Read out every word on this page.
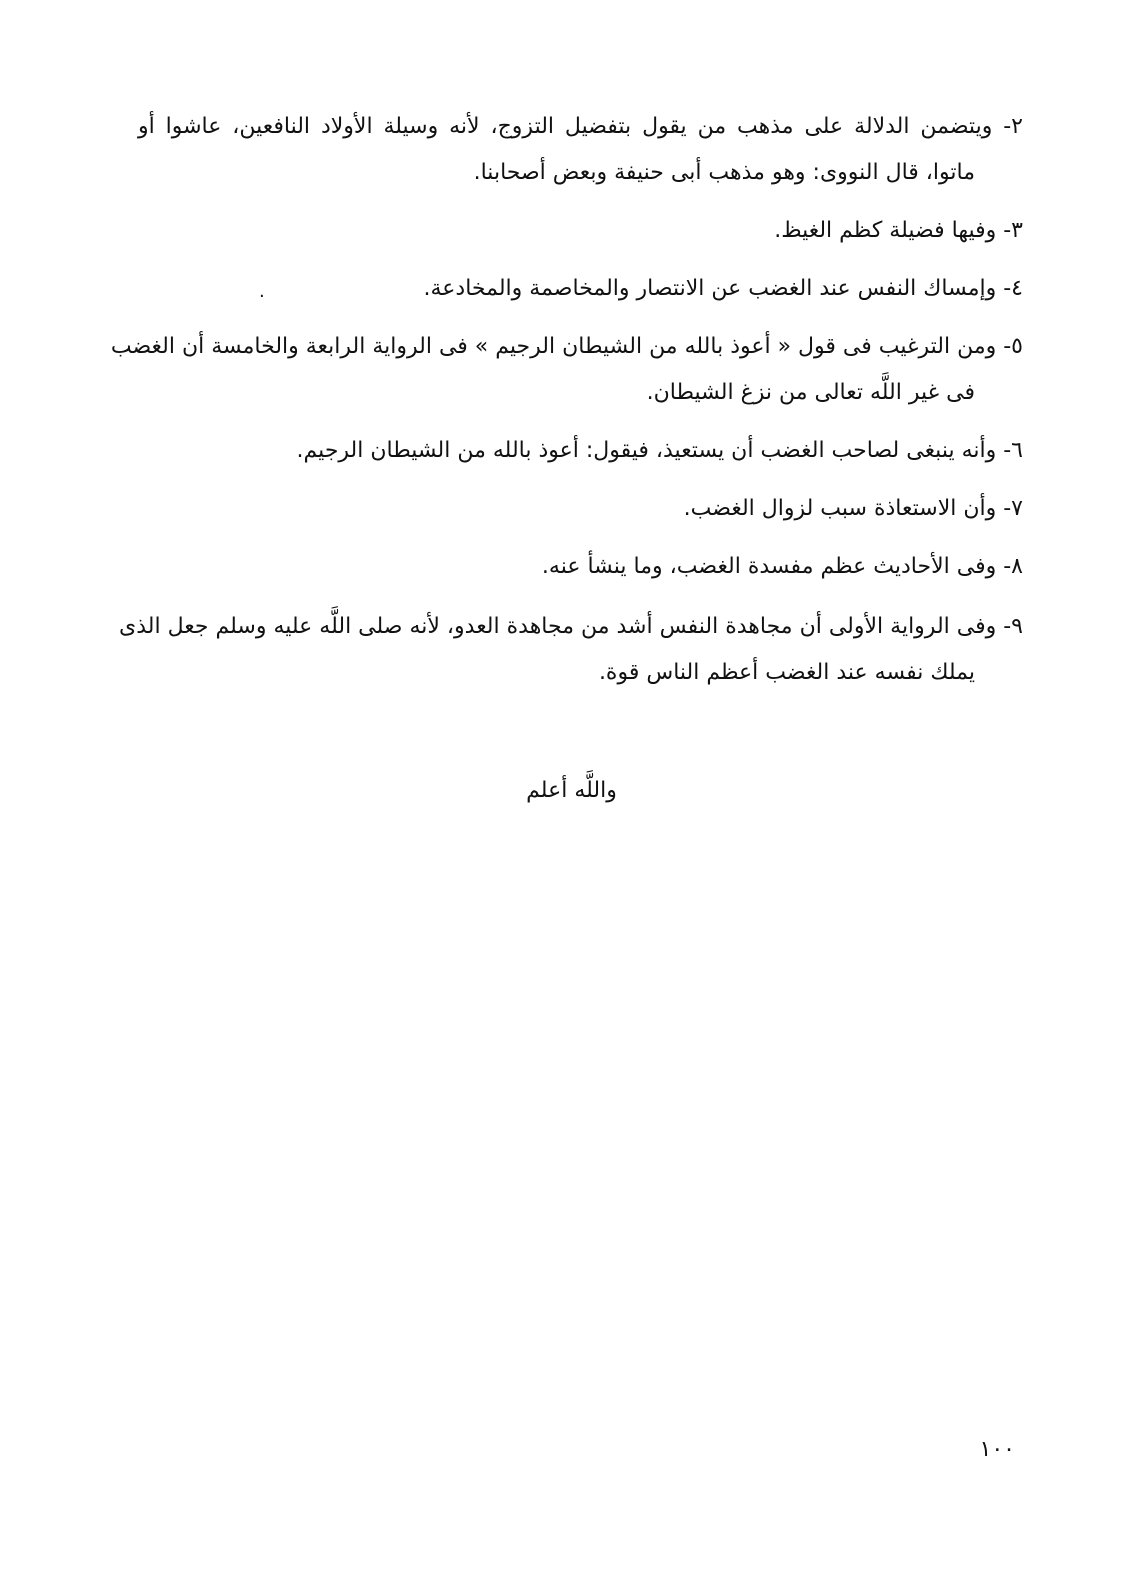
٢- ويتضمن الدلالة على مذهب من يقول بتفضيل التزوج، لأنه وسيلة الأولاد النافعين، عاشوا أو
ماتوا، قال النووى: وهو مذهب أبى حنيفة وبعض أصحابنا.
٣- وفيها فضيلة كظم الغيظ.
٤- وإمساك النفس عند الغضب عن الانتصار والمخاصمة والمخادعة.
.
٥- ومن الترغيب فى قول « أعوذ بالله من الشيطان الرجيم » فى الرواية الرابعة والخامسة أن الغضب
فى غير اللَّه تعالى من نزغ الشيطان.
٦- وأنه ينبغى لصاحب الغضب أن يستعيذ، فيقول: أعوذ بالله من الشيطان الرجيم.
٧- وأن الاستعاذة سبب لزوال الغضب.
٨- وفى الأحاديث عظم مفسدة الغضب، وما ينشأ عنه.
٩- وفى الرواية الأولى أن مجاهدة النفس أشد من مجاهدة العدو، لأنه صلى اللَّه عليه وسلم جعل الذى
يملك نفسه عند الغضب أعظم الناس قوة.
واللَّه أعلم
١٠٠
